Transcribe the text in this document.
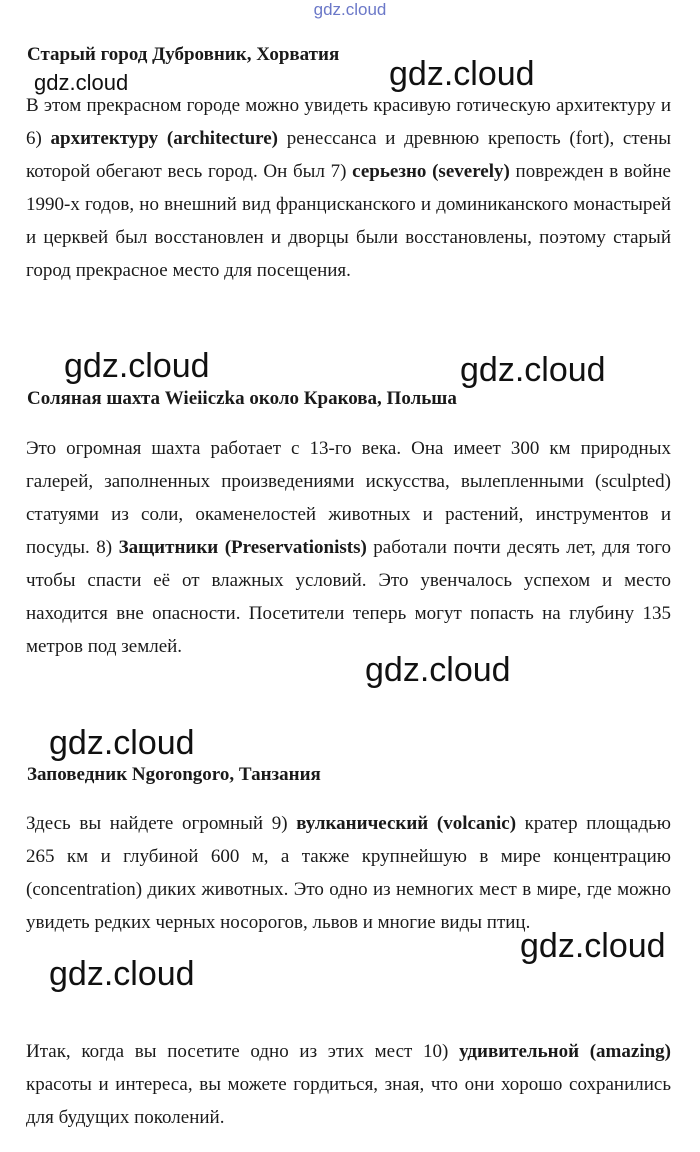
gdz.cloud
Старый город Дубровник, Хорватия
В этом прекрасном городе можно увидеть красивую готическую архитектуру и 6) архитектуру (architecture) ренессанса и древнюю крепость (fort), стены которой обегают весь город. Он был 7) серьезно (severely) поврежден в войне 1990-х годов, но внешний вид францисканского и доминиканского монастырей и церквей был восстановлен и дворцы были восстановлены, поэтому старый город прекрасное место для посещения.
Соляная шахта Wieiiczka около Кракова, Польша
Это огромная шахта работает с 13-го века. Она имеет 300 км природных галерей, заполненных произведениями искусства, вылепленными (sculpted) статуями из соли, окаменелостей животных и растений, инструментов и посуды. 8) Защитники (Preservationists) работали почти десять лет, для того чтобы спасти её от влажных условий. Это увенчалось успехом и место находится вне опасности. Посетители теперь могут попасть на глубину 135 метров под землей.
Заповедник Ngorongoro, Танзания
Здесь вы найдете огромный 9) вулканический (volcanic) кратер площадью 265 км и глубиной 600 м, а также крупнейшую в мире концентрацию (concentration) диких животных. Это одно из немногих мест в мире, где можно увидеть редких черных носорогов, львов и многие виды птиц.
Итак, когда вы посетите одно из этих мест 10) удивительной (amazing) красоты и интереса, вы можете гордиться, зная, что они хорошо сохранились для будущих поколений.
gdz.cloud	gdz.cloud
gdz.cloud	gdz.cloud
gdz.cloud
gdz.cloud
gdz.cloud
gdz.cloud
